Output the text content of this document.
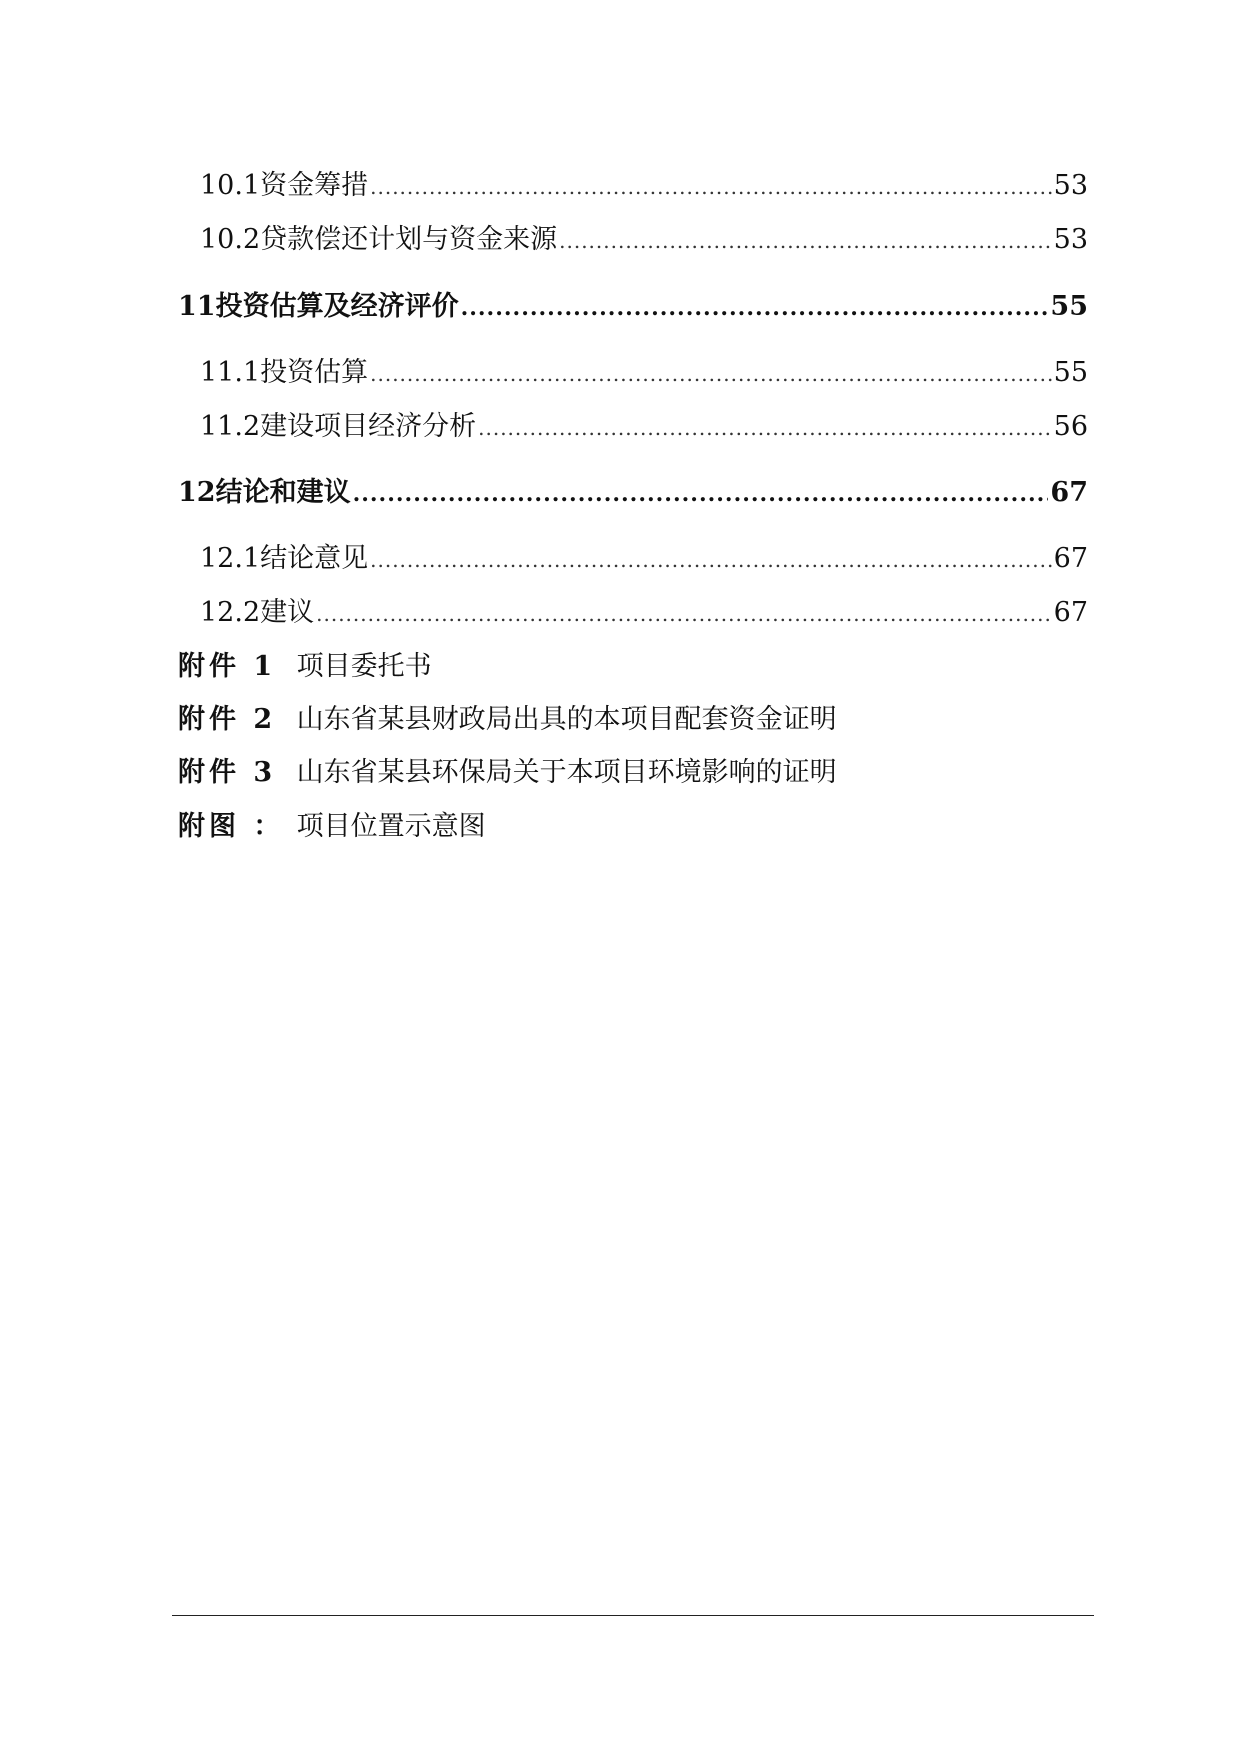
10.1 资金筹措 .....	53
10.2 贷款偿还计划与资金来源 .....	53
11 投资估算及经济评价 .....	55
11.1 投资估算 .....	55
11.2 建设项目经济分析 .....	56
12 结论和建议 .....	67
12.1 结论意见 .....	67
12.2 建议 .....	67
附件 1 项目委托书
附件 2 山东省某县财政局出具的本项目配套资金证明
附件 3 山东省某县环保局关于本项目环境影响的证明
附图 ： 项目位置示意图
